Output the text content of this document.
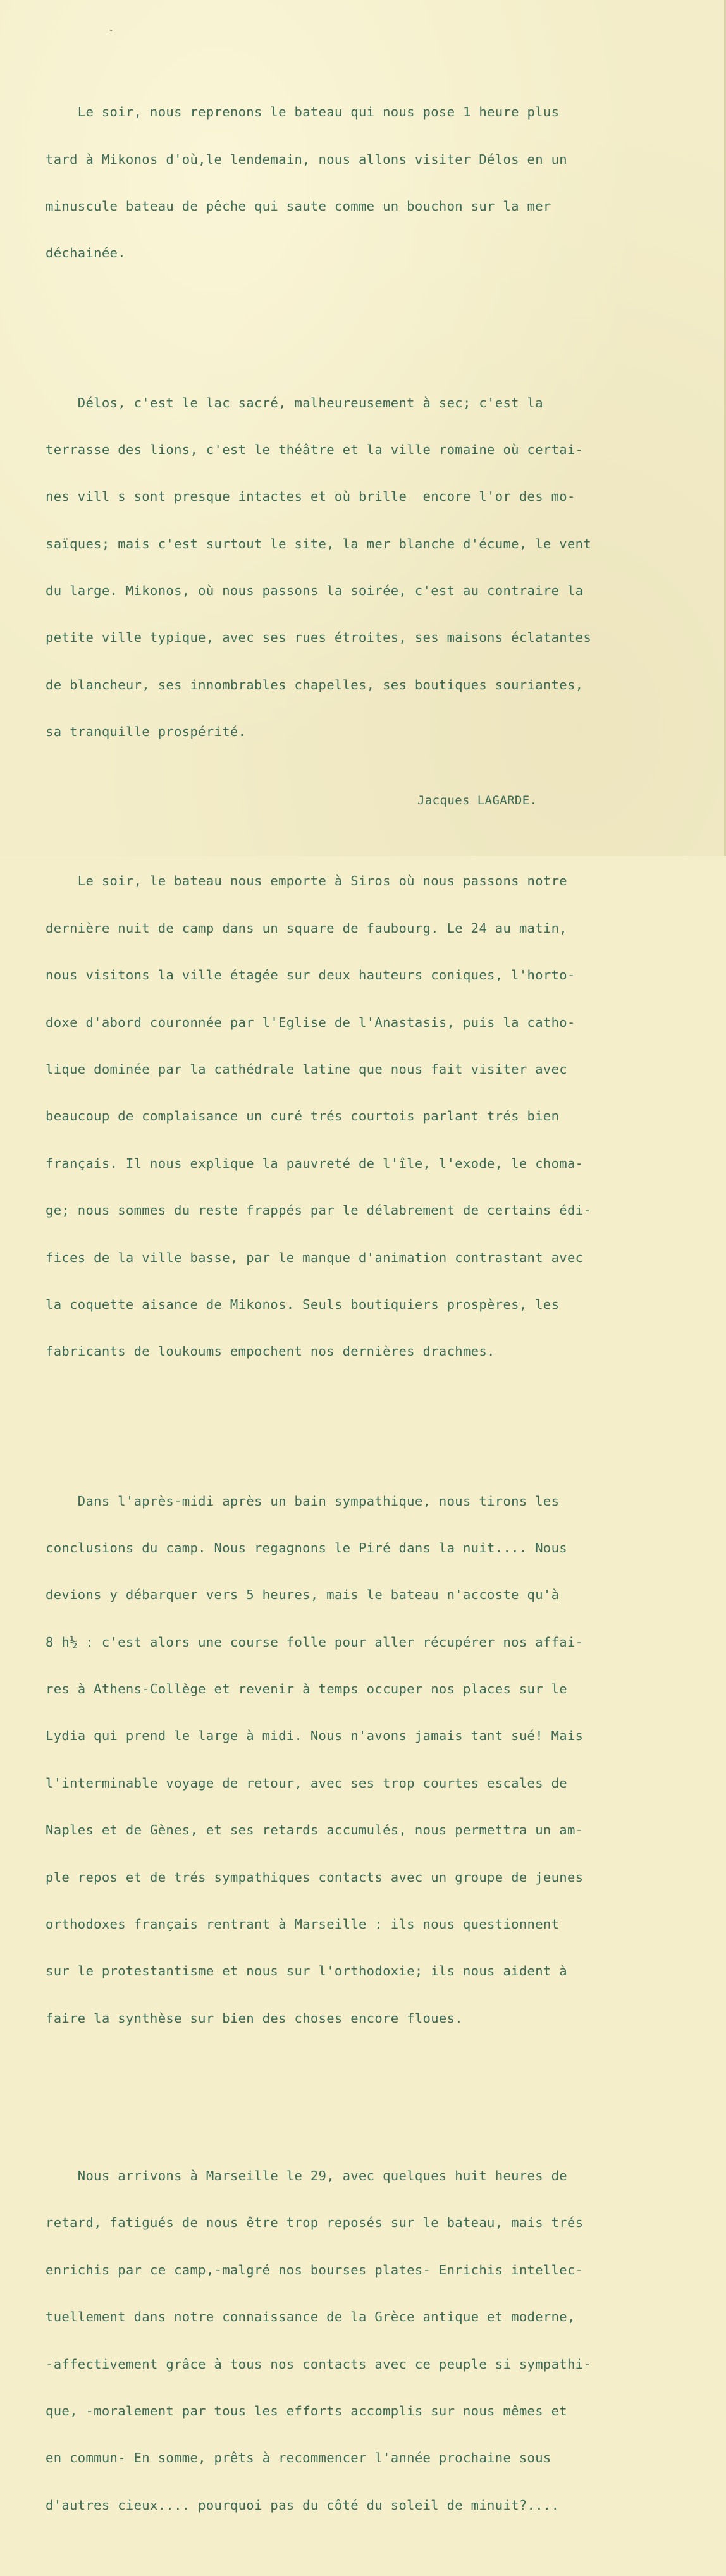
˘

Le soir, nous reprenons le bateau qui nous pose 1 heure plus

tard à Mikonos d'où,le lendemain, nous allons visiter Délos en un

minuscule bateau de pêche qui saute comme un bouchon sur la mer

déchainée.

Délos, c'est le lac sacré, malheureusement à sec; c'est la

terrasse des lions, c'est le théâtre et la ville romaine où certai-

nes vill s sont presque intactes et où brille  encore l'or des mo-

saïques; mais c'est surtout le site, la mer blanche d'écume, le vent

du large. Mikonos, où nous passons la soirée, c'est au contraire la

petite ville typique, avec ses rues étroites, ses maisons éclatantes

de blancheur, ses innombrables chapelles, ses boutiques souriantes,

sa tranquille prospérité.

Le soir, le bateau nous emporte à Siros où nous passons notre

dernière nuit de camp dans un square de faubourg. Le 24 au matin,

nous visitons la ville étagée sur deux hauteurs coniques, l'horto-

doxe d'abord couronnée par l'Eglise de l'Anastasis, puis la catho-

lique dominée par la cathédrale latine que nous fait visiter avec

beaucoup de complaisance un curé trés courtois parlant trés bien

français. Il nous explique la pauvreté de l'île, l'exode, le choma-

ge; nous sommes du reste frappés par le délabrement de certains édi-

fices de la ville basse, par le manque d'animation contrastant avec

la coquette aisance de Mikonos. Seuls boutiquiers prospères, les

fabricants de loukoums empochent nos dernières drachmes.

Dans l'après-midi après un bain sympathique, nous tirons les

conclusions du camp. Nous regagnons le Piré dans la nuit.... Nous

devions y débarquer vers 5 heures, mais le bateau n'accoste qu'à

8 h½ : c'est alors une course folle pour aller récupérer nos affai-

res à Athens-Collège et revenir à temps occuper nos places sur le

Lydia qui prend le large à midi. Nous n'avons jamais tant sué! Mais

l'interminable voyage de retour, avec ses trop courtes escales de

Naples et de Gènes, et ses retards accumulés, nous permettra un am-

ple repos et de trés sympathiques contacts avec un groupe de jeunes

orthodoxes français rentrant à Marseille : ils nous questionnent

sur le protestantisme et nous sur l'orthodoxie; ils nous aident à

faire la synthèse sur bien des choses encore floues.

Nous arrivons à Marseille le 29, avec quelques huit heures de

retard, fatigués de nous être trop reposés sur le bateau, mais trés

enrichis par ce camp,-malgré nos bourses plates- Enrichis intellec-

tuellement dans notre connaissance de la Grèce antique et moderne,

-affectivement grâce à tous nos contacts avec ce peuple si sympathi-

que, -moralement par tous les efforts accomplis sur nous mêmes et

en commun- En somme, prêts à recommencer l'année prochaine sous

d'autres cieux.... pourquoi pas du côté du soleil de minuit?....

Jacques LAGARDE.
